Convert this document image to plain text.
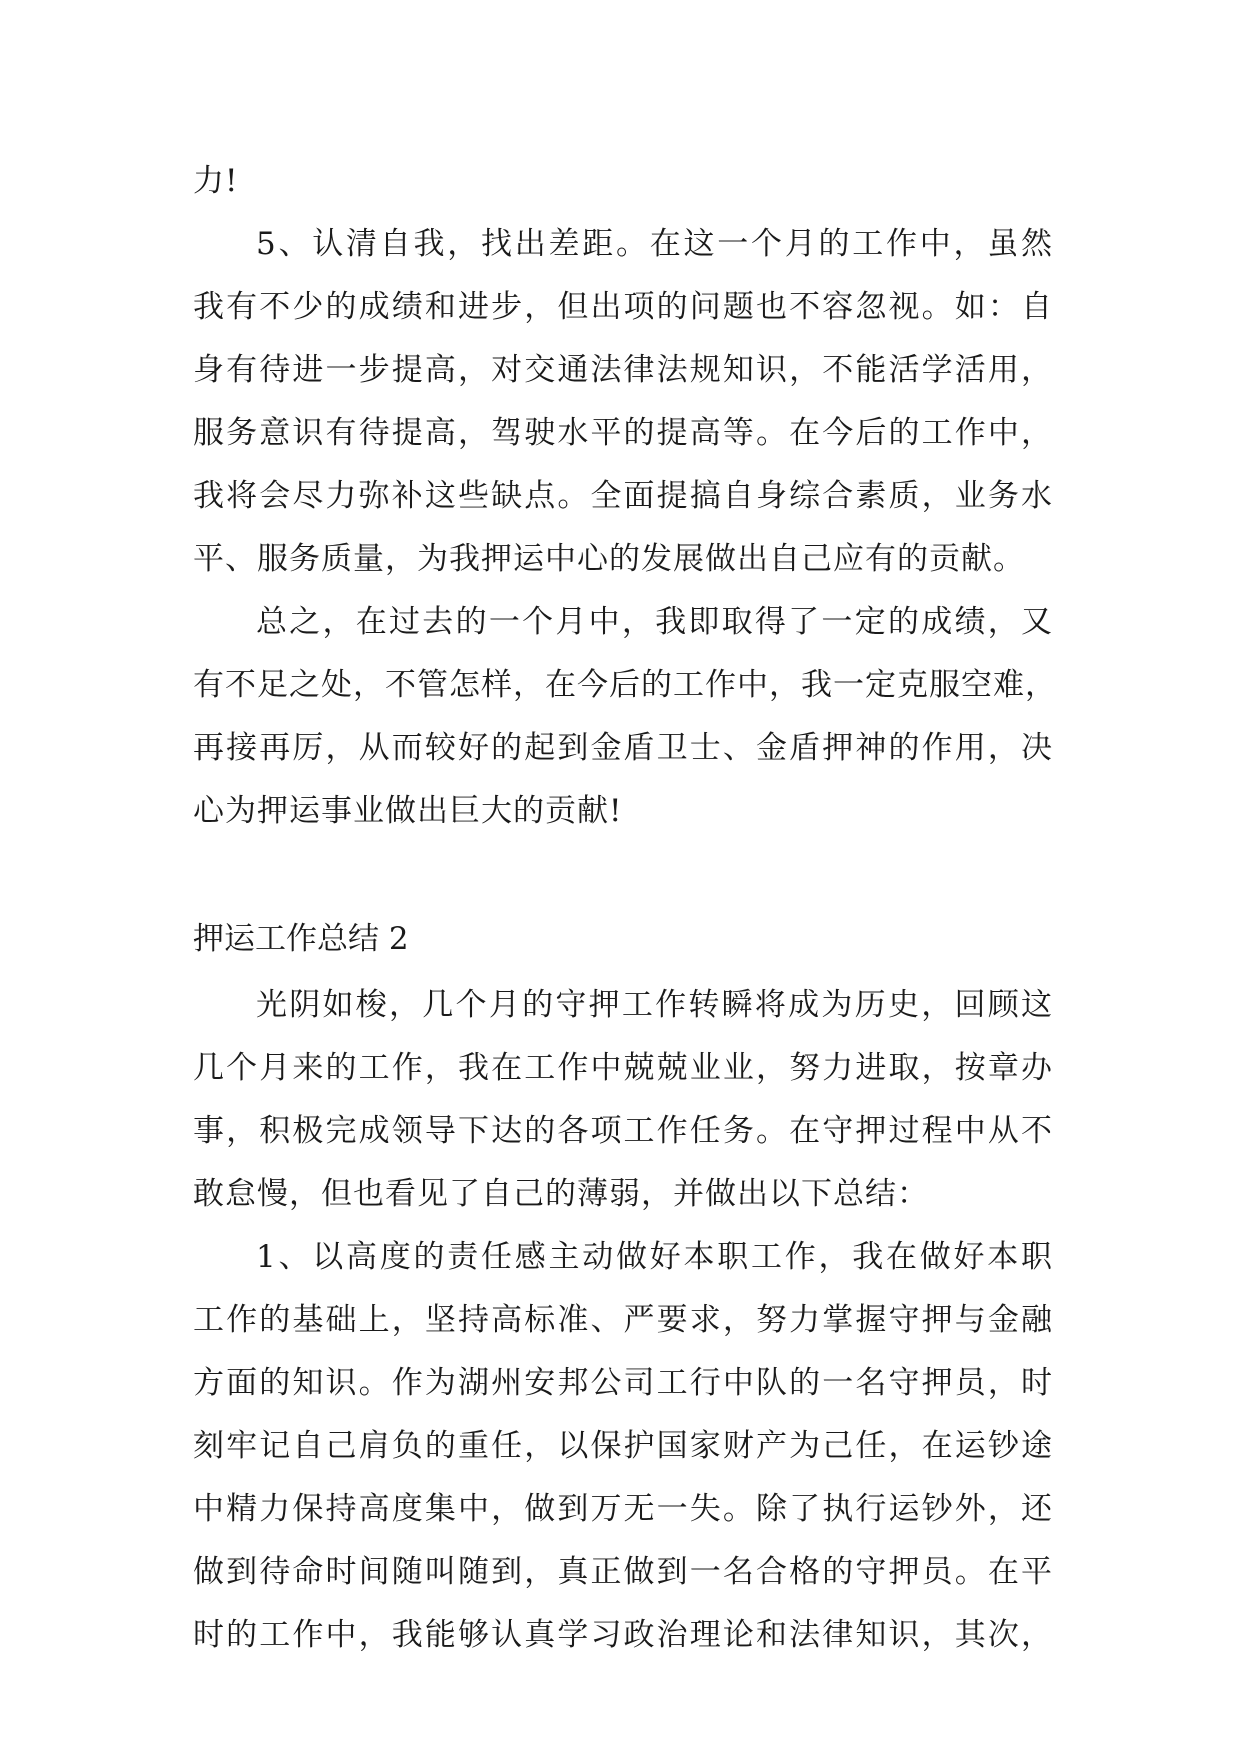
力!
5、认清自我，找出差距。在这一个月的工作中，虽然
我有不少的成绩和进步，但出项的问题也不容忽视。如：自
身有待进一步提高，对交通法律法规知识，不能活学活用，
服务意识有待提高，驾驶水平的提高等。在今后的工作中，
我将会尽力弥补这些缺点。全面提搞自身综合素质，业务水
平、服务质量，为我押运中心的发展做出自己应有的贡献。
总之，在过去的一个月中，我即取得了一定的成绩，又
有不足之处，不管怎样，在今后的工作中，我一定克服空难，
再接再厉，从而较好的起到金盾卫士、金盾押神的作用，决
心为押运事业做出巨大的贡献!
押运工作总结 2
光阴如梭，几个月的守押工作转瞬将成为历史，回顾这
几个月来的工作，我在工作中兢兢业业，努力进取，按章办
事，积极完成领导下达的各项工作任务。在守押过程中从不
敢怠慢，但也看见了自己的薄弱，并做出以下总结：
1、以高度的责任感主动做好本职工作，我在做好本职
工作的基础上，坚持高标准、严要求，努力掌握守押与金融
方面的知识。作为湖州安邦公司工行中队的一名守押员，时
刻牢记自己肩负的重任，以保护国家财产为己任，在运钞途
中精力保持高度集中，做到万无一失。除了执行运钞外，还
做到待命时间随叫随到，真正做到一名合格的守押员。在平
时的工作中，我能够认真学习政治理论和法律知识，其次，
